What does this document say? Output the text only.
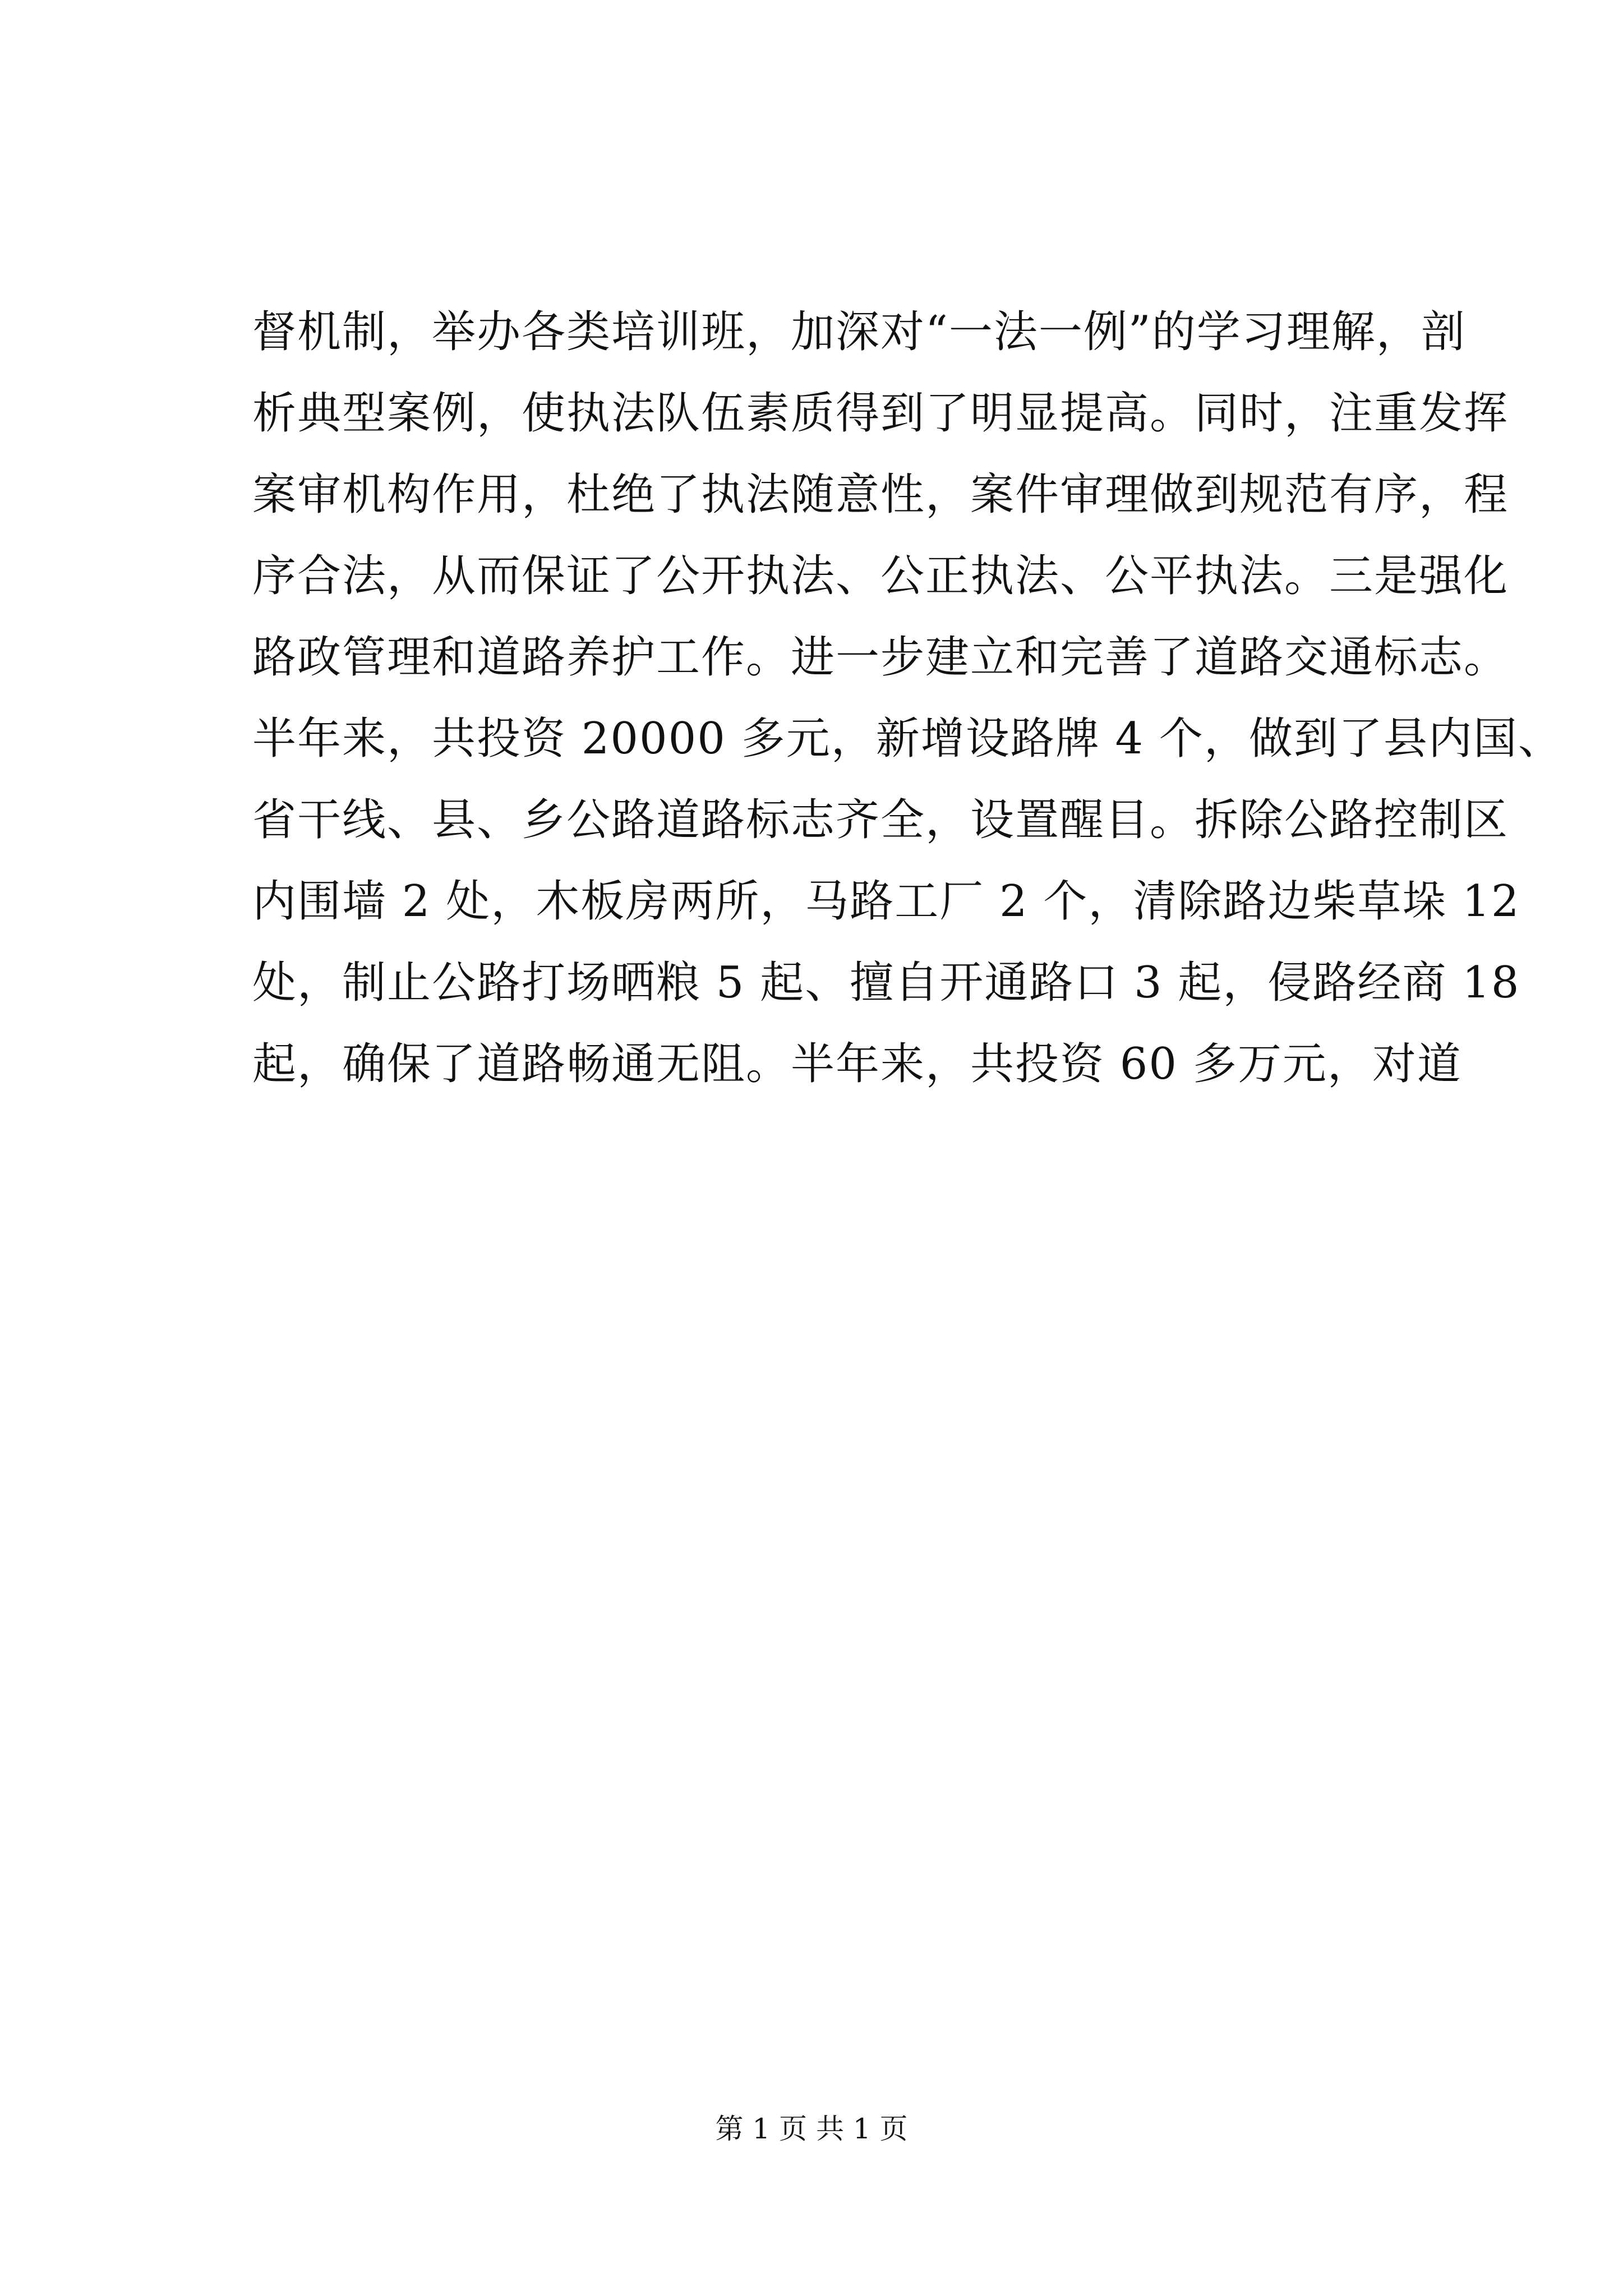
督机制，举办各类培训班，加深对“一法一例”的学习理解，剖
析典型案例，使执法队伍素质得到了明显提高。同时，注重发挥
案审机构作用，杜绝了执法随意性，案件审理做到规范有序，程
序合法，从而保证了公开执法、公正执法、公平执法。三是强化
路政管理和道路养护工作。进一步建立和完善了道路交通标志。
半年来，共投资 20000 多元，新增设路牌 4 个，做到了县内国、
省干线、县、乡公路道路标志齐全，设置醒目。拆除公路控制区
内围墙 2 处，木板房两所，马路工厂 2 个，清除路边柴草垛 12
处，制止公路打场晒粮 5 起、擅自开通路口 3 起，侵路经商 18
起，确保了道路畅通无阻。半年来，共投资 60 多万元，对道
第 1 页 共 1 页
